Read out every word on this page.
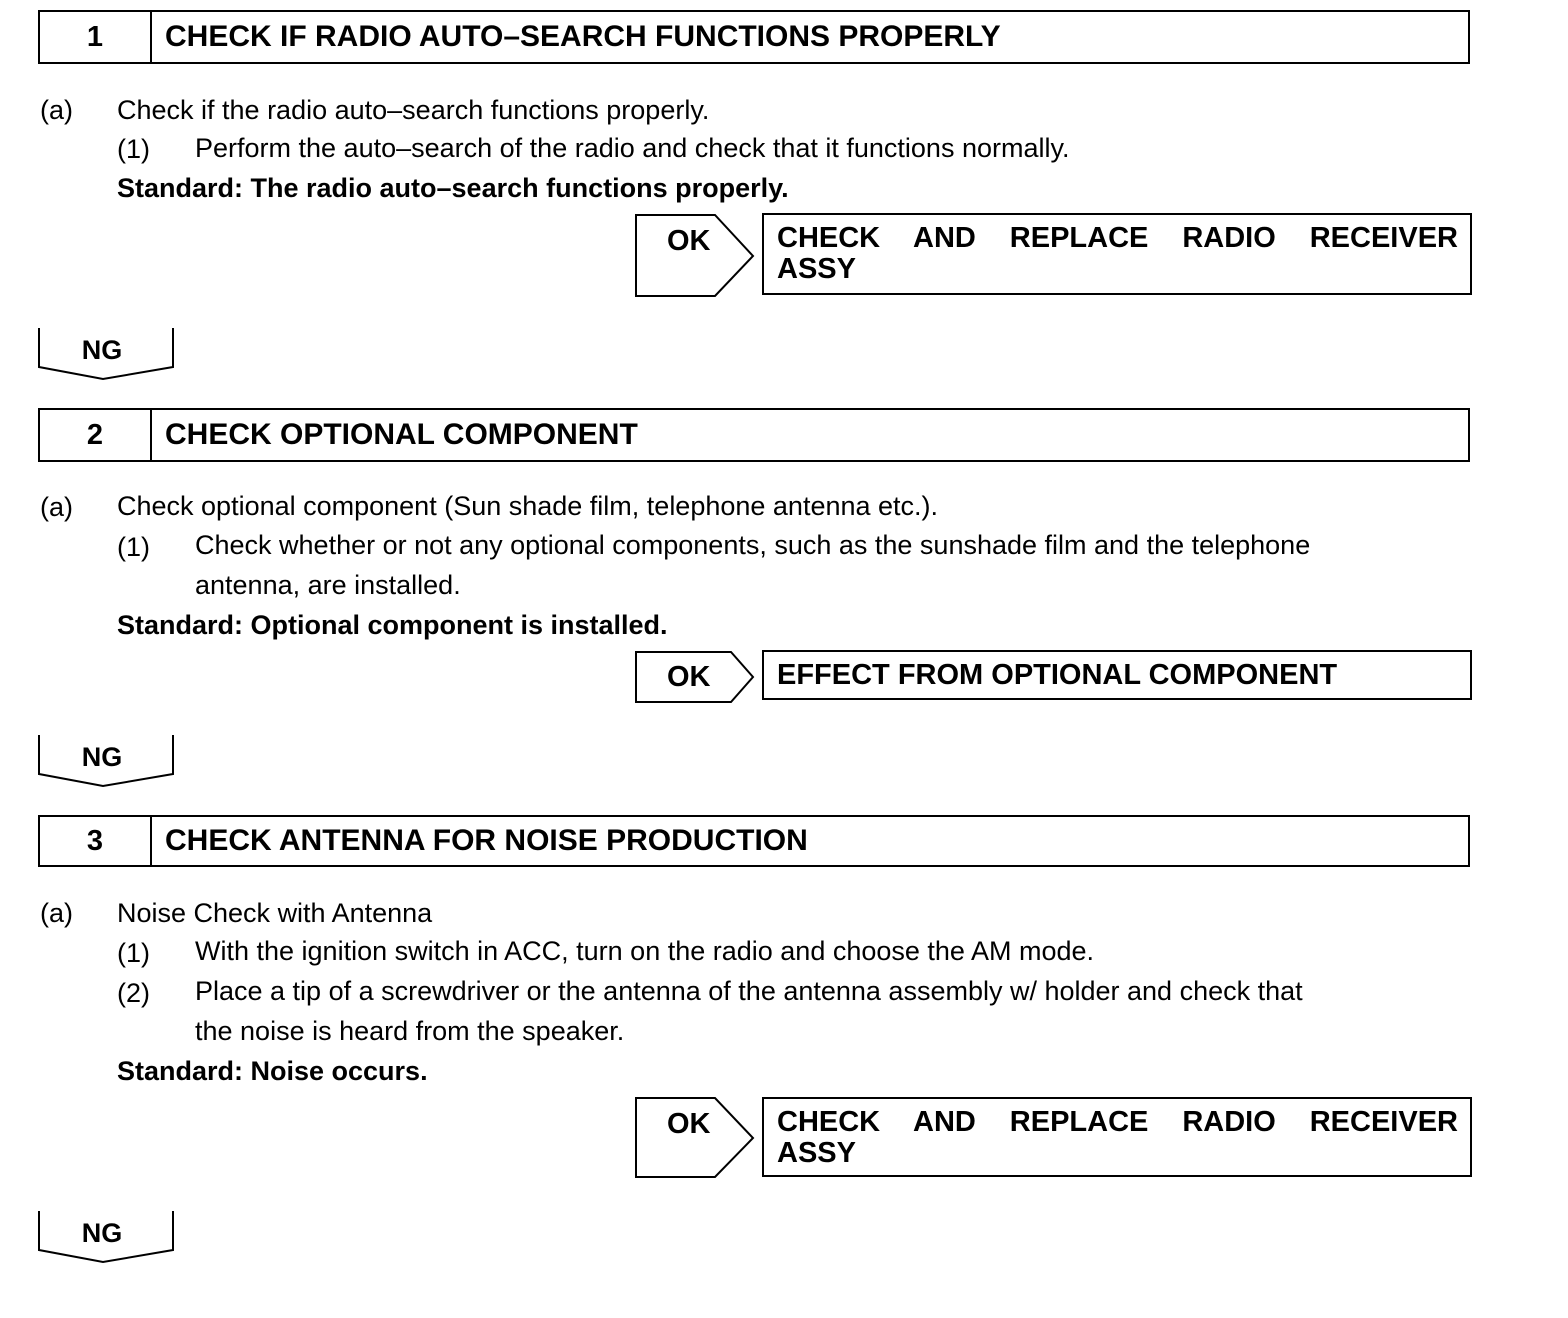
1	CHECK IF RADIO AUTO–SEARCH FUNCTIONS PROPERLY
(a) Check if the radio auto–search functions properly.
(1) Perform the auto–search of the radio and check that it functions normally.
Standard: The radio auto–search functions properly.
OK CHECK AND REPLACE RADIO RECEIVER
ASSY
NG
2	CHECK OPTIONAL COMPONENT
(a) Check optional component (Sun shade film, telephone antenna etc.).
(1) Check whether or not any optional components, such as the sunshade film and the telephone
antenna, are installed.
Standard: Optional component is installed.
OK	EFFECT FROM OPTIONAL COMPONENT
NG
3	CHECK ANTENNA FOR NOISE PRODUCTION
(a) Noise Check with Antenna
(1) With the ignition switch in ACC, turn on the radio and choose the AM mode.
(2) Place a tip of a screwdriver or the antenna of the antenna assembly w/ holder and check that
the noise is heard from the speaker.
Standard: Noise occurs.
OK CHECK AND REPLACE RADIO RECEIVER
ASSY
NG
